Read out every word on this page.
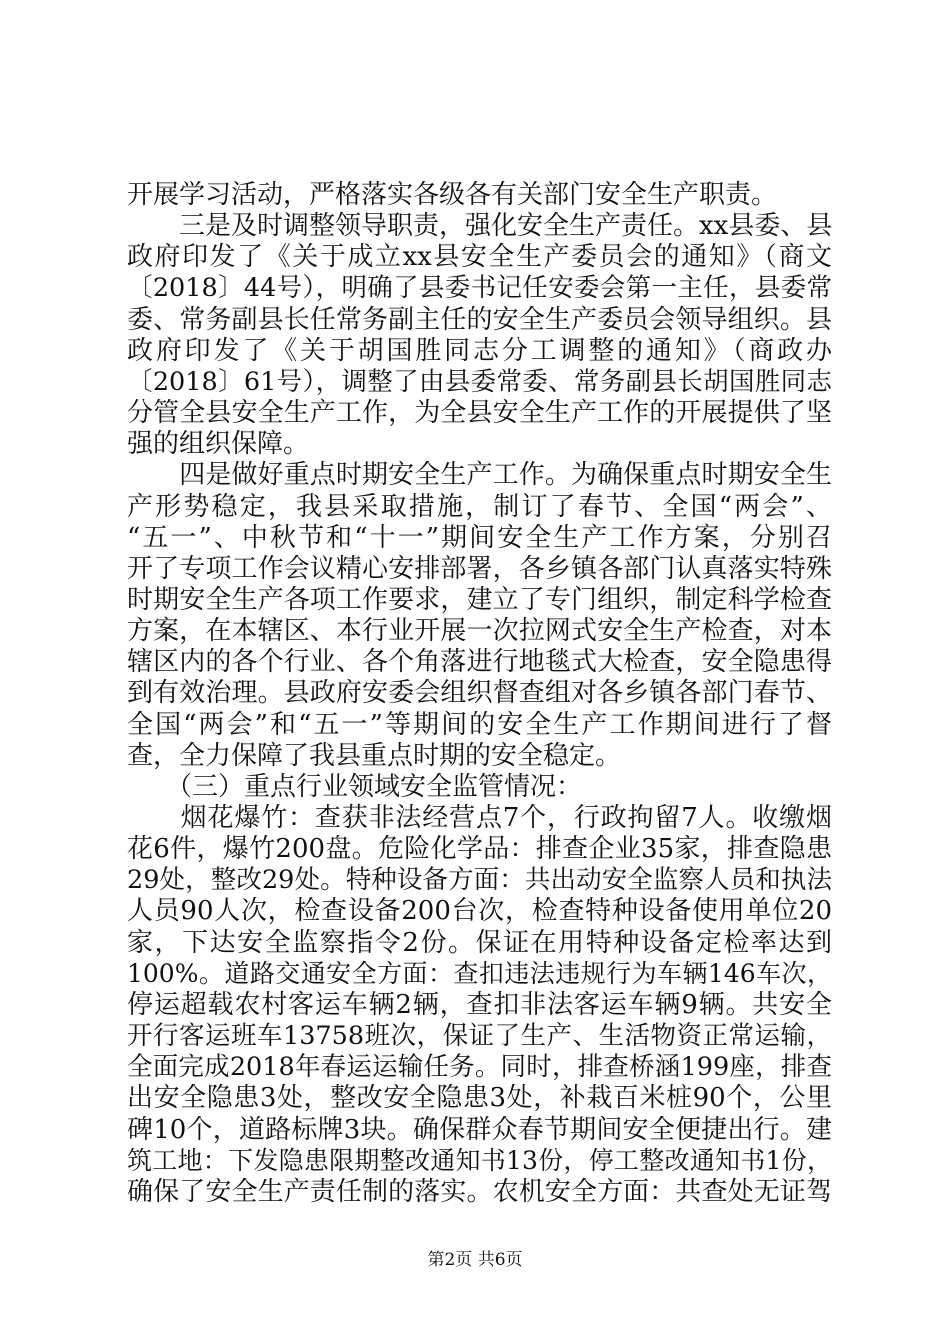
开展学习活动，严格落实各级各有关部门安全生产职责。
　　三是及时调整领导职责，强化安全生产责任。xx县委、县
政府印发了《关于成立xx县安全生产委员会的通知》（商文
〔2018〕44号），明确了县委书记任安委会第一主任，县委常
委、常务副县长任常务副主任的安全生产委员会领导组织。县
政府印发了《关于胡国胜同志分工调整的通知》（商政办
〔2018〕61号），调整了由县委常委、常务副县长胡国胜同志
分管全县安全生产工作，为全县安全生产工作的开展提供了坚
强的组织保障。
　　四是做好重点时期安全生产工作。为确保重点时期安全生
产形势稳定，我县采取措施，制订了春节、全国“两会”、
“五一”、中秋节和“十一”期间安全生产工作方案，分别召
开了专项工作会议精心安排部署，各乡镇各部门认真落实特殊
时期安全生产各项工作要求，建立了专门组织，制定科学检查
方案，在本辖区、本行业开展一次拉网式安全生产检查，对本
辖区内的各个行业、各个角落进行地毯式大检查，安全隐患得
到有效治理。县政府安委会组织督查组对各乡镇各部门春节、
全国“两会”和“五一”等期间的安全生产工作期间进行了督
查，全力保障了我县重点时期的安全稳定。
　　（三）重点行业领域安全监管情况：
　　烟花爆竹：查获非法经营点7个，行政拘留7人。收缴烟
花6件，爆竹200盘。危险化学品：排查企业35家，排查隐患
29处，整改29处。特种设备方面：共出动安全监察人员和执法
人员90人次，检查设备200台次，检查特种设备使用单位20
家，下达安全监察指令2份。保证在用特种设备定检率达到
100%。道路交通安全方面：查扣违法违规行为车辆146车次，
停运超载农村客运车辆2辆，查扣非法客运车辆9辆。共安全
开行客运班车13758班次，保证了生产、生活物资正常运输，
全面完成2018年春运运输任务。同时，排查桥涵199座，排查
出安全隐患3处，整改安全隐患3处，补栽百米桩90个，公里
碑10个，道路标牌3块。确保群众春节期间安全便捷出行。建
筑工地：下发隐患限期整改通知书13份，停工整改通知书1份，
确保了安全生产责任制的落实。农机安全方面：共查处无证驾
第2页 共6页
